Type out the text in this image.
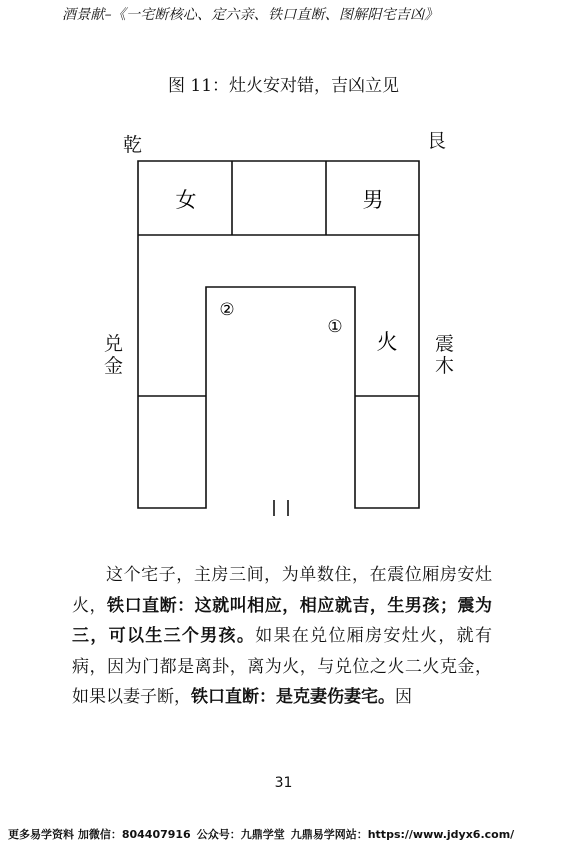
酒景献–《一宅断核心、定六亲、铁口直断、图解阳宅吉凶》
图 11：灶火安对错，吉凶立见
乾	艮
兑
金
震
木
女	男
火
②
①

这个宅子，主房三间，为单数住，在震位厢房安灶火，铁口直断：这就叫相应，相应就吉，生男孩；震为三，可以生三个男孩。如果在兑位厢房安灶火，就有病，因为门都是离卦，离为火，与兑位之火二火克金，如果以妻子断，铁口直断：是克妻伤妻宅。因

31
更多易学资料 加微信：804407916 公众号：九鼎学堂 九鼎易学网站：https://www.jdyx6.com/
